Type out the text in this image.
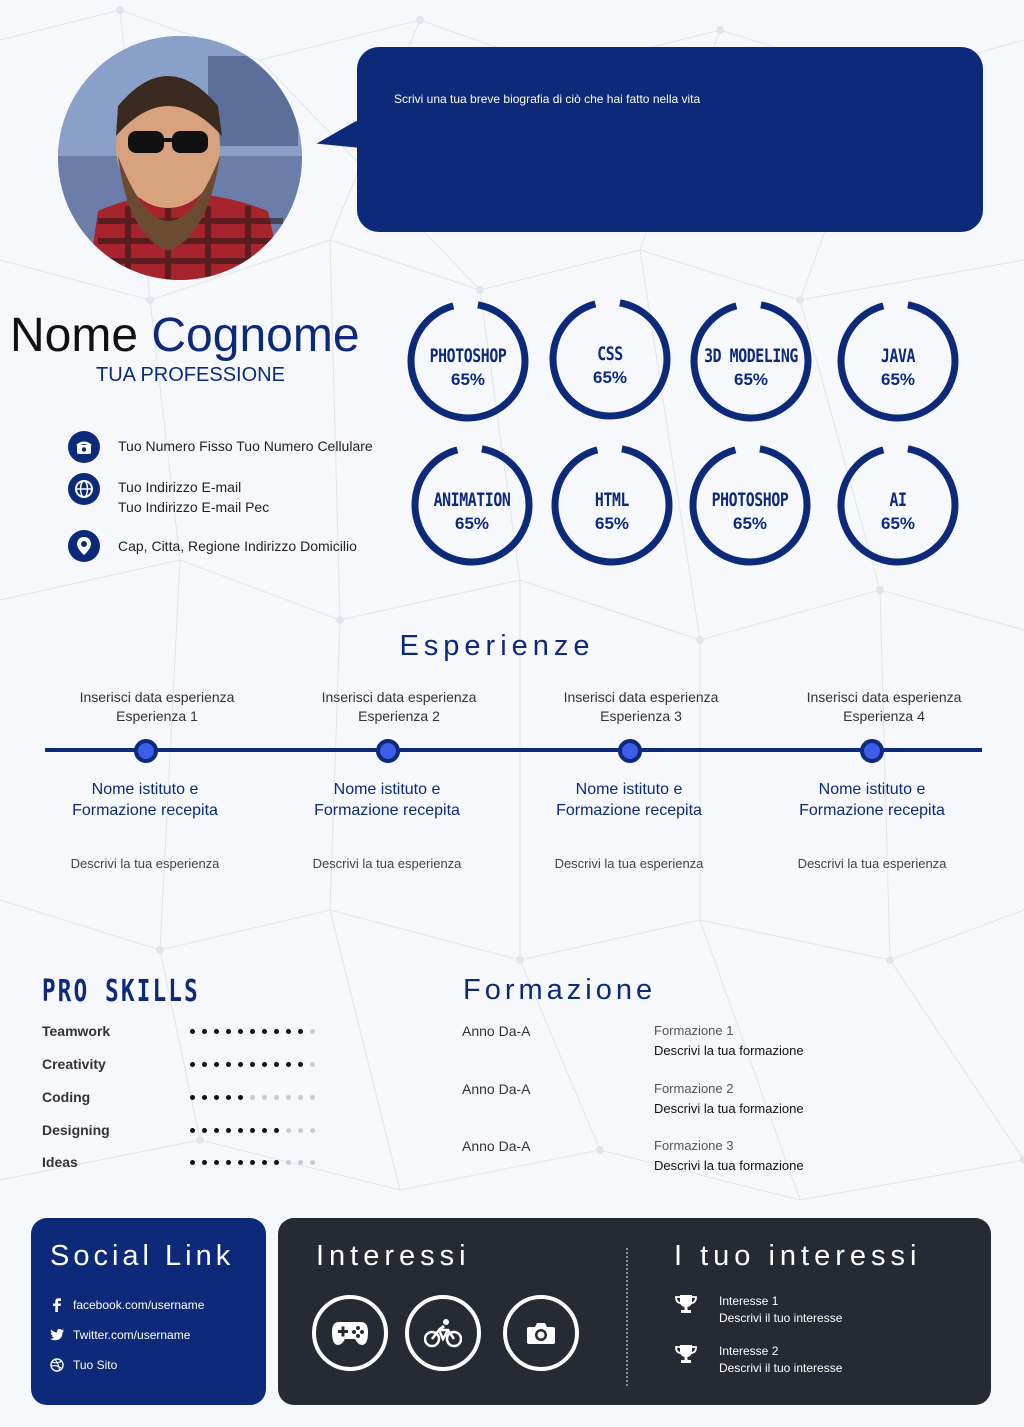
Scrivi una tua breve biografia di ciò che hai fatto nella vita
Nome Cognome
TUA PROFESSIONE
Tuo Numero Fisso Tuo Numero Cellulare
Tuo Indirizzo E-mail
Tuo Indirizzo E-mail Pec
Cap, Citta, Regione Indirizzo Domicilio
PHOTOSHOP
65%
CSS
65%
3D MODELING
65%
JAVA
65%
ANIMATION
65%
HTML
65%
PHOTOSHOP
65%
AI
65%
Esperienze
Inserisci data esperienza
Esperienza 1
Nome istituto e
Formazione recepita
Descrivi la tua esperienza
Inserisci data esperienza
Esperienza 2
Nome istituto e
Formazione recepita
Descrivi la tua esperienza
Inserisci data esperienza
Esperienza 3
Nome istituto e
Formazione recepita
Descrivi la tua esperienza
Inserisci data esperienza
Esperienza 4
Nome istituto e
Formazione recepita
Descrivi la tua esperienza
PRO SKILLS
Teamwork
Creativity
Coding
Designing
Ideas
Formazione
Anno Da-A	Formazione 1
Descrivi la tua formazione
Anno Da-A	Formazione 2
Descrivi la tua formazione
Anno Da-A	Formazione 3
Descrivi la tua formazione
Social Link
facebook.com/username
Twitter.com/username
Tuo Sito
Interessi	I tuo interessi
Interesse 1
Descrivi il tuo interesse
Interesse 2
Descrivi il tuo interesse
